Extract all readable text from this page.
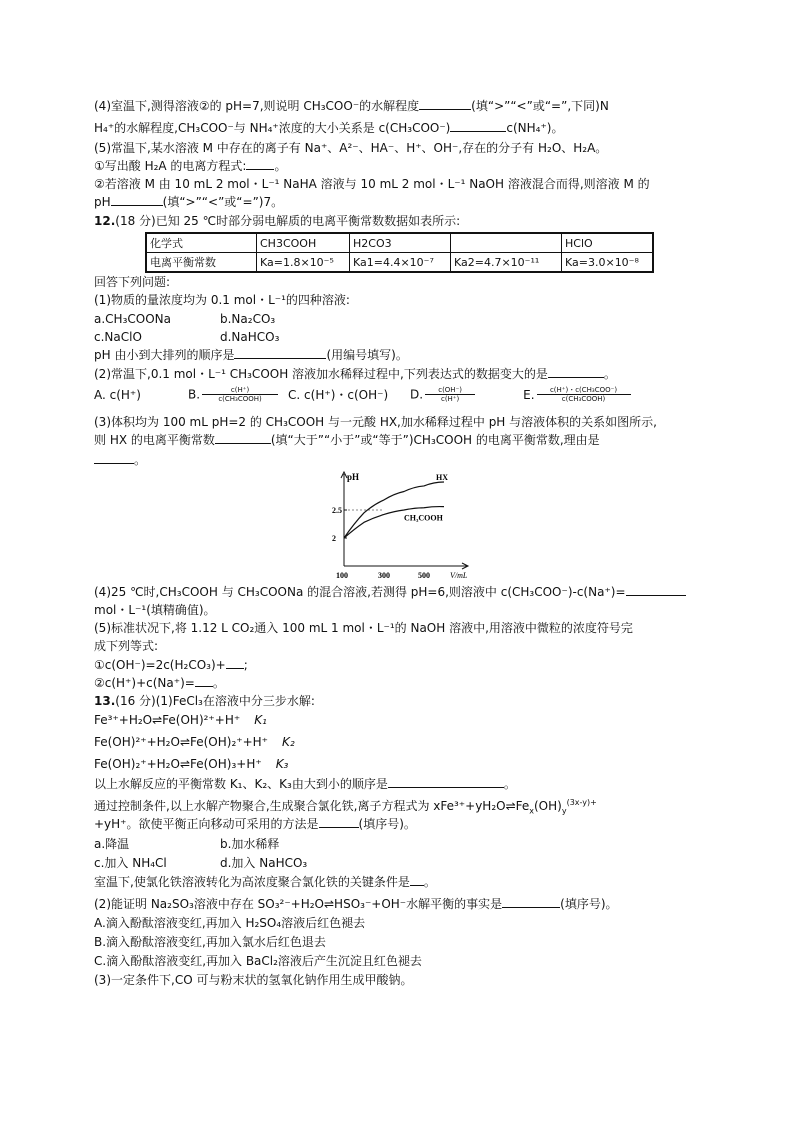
(4)室温下,测得溶液②的 pH=7,则说明 CH₃COO⁻的水解程度	(填“>”“<”或“=”,下同)N
H₄⁺的水解程度,CH₃COO⁻与 NH₄⁺浓度的大小关系是 c(CH₃COO⁻)	c(NH₄⁺)。
(5)常温下,某水溶液 M 中存在的离子有 Na⁺、A²⁻、HA⁻、H⁺、OH⁻,存在的分子有 H₂O、H₂A。
①写出酸 H₂A 的电离方程式: 。
②若溶液 M 由 10 mL 2 mol・L⁻¹ NaHA 溶液与 10 mL 2 mol・L⁻¹ NaOH 溶液混合而得,则溶液 M 的
pH	(填“>”“<”或“=”)7。
12.(18 分)已知 25 ℃时部分弱电解质的电离平衡常数数据如表所示:
化学式	CH3COOH	H2CO3		HClO
电离平衡常数	Ka=1.8×10⁻⁵	Ka1=4.4×10⁻⁷	Ka2=4.7×10⁻¹¹	Ka=3.0×10⁻⁸
回答下列问题:
(1)物质的量浓度均为 0.1 mol・L⁻¹的四种溶液:
a.CH₃COONa	b.Na₂CO₃
c.NaClO	d.NaHCO₃
pH 由小到大排列的顺序是	(用编号填写)。
(2)常温下,0.1 mol・L⁻¹ CH₃COOH 溶液加水稀释过程中,下列表达式的数据变大的是	。
A. c(H⁺)	B. $\frac{c(H^+)}{\text{c(CH₃COOH)}} C$. c(H⁺)・c(OH⁻) D. $\frac{c(OH^-)}{c(H^+)}$	E. $\frac{\text{c(H⁺)・c(CH₃COO⁻)}}{\text{c(CH₃COOH)}}$
(3)体积均为 100 mL pH=2 的 CH₃COOH 与一元酸 HX,加水稀释过程中 pH 与溶液体积的关系如图所示,
则 HX 的电离平衡常数	(填“大于”“小于”或“等于”)CH₃COOH 的电离平衡常数,理由是
。
pH
V/mL
2
2.5
100	300	500
HX
CH₃COOH
(4)25 ℃时,CH₃COOH 与 CH₃COONa 的混合溶液,若测得 pH=6,则溶液中 c(CH₃COO⁻)-c(Na⁺)=
mol・L⁻¹(填精确值)。
(5)标准状况下,将 1.12 L CO₂通入 100 mL 1 mol・L⁻¹的 NaOH 溶液中,用溶液中微粒的浓度符号完
成下列等式:
①c(OH⁻)=2c(H₂CO₃)+ ;
②c(H⁺)+c(Na⁺)= 。
13.(16 分)(1)FeCl₃在溶液中分三步水解:
Fe³⁺+H₂O⇌Fe(OH)²⁺+H⁺ K₁
Fe(OH)²⁺+H₂O⇌Fe(OH)₂⁺+H⁺ K₂
Fe(OH)₂⁺+H₂O⇌Fe(OH)₃+H⁺ K₃
以上水解反应的平衡常数 K₁、K₂、K₃由大到小的顺序是	。
通过控制条件,以上水解产物聚合,生成聚合氯化铁,离子方程式为 $xFe^{3+}+yH_2O\rightleftharpoons Fe_x(OH)_y^{(3x-y)+}$
+yH⁺。欲使平衡正向移动可采用的方法是	(填序号)。
a.降温	b.加水稀释
c.加入 NH₄Cl	d.加入 NaHCO₃
室温下,使氯化铁溶液转化为高浓度聚合氯化铁的关键条件是 。
(2)能证明 Na₂SO₃溶液中存在 SO₃²⁻+H₂O⇌HSO₃⁻+OH⁻水解平衡的事实是	(填序号)。
A.滴入酚酞溶液变红,再加入 H₂SO₄溶液后红色褪去
B.滴入酚酞溶液变红,再加入氯水后红色退去
C.滴入酚酞溶液变红,再加入 BaCl₂溶液后产生沉淀且红色褪去
(3)一定条件下,CO 可与粉末状的氢氧化钠作用生成甲酸钠。
